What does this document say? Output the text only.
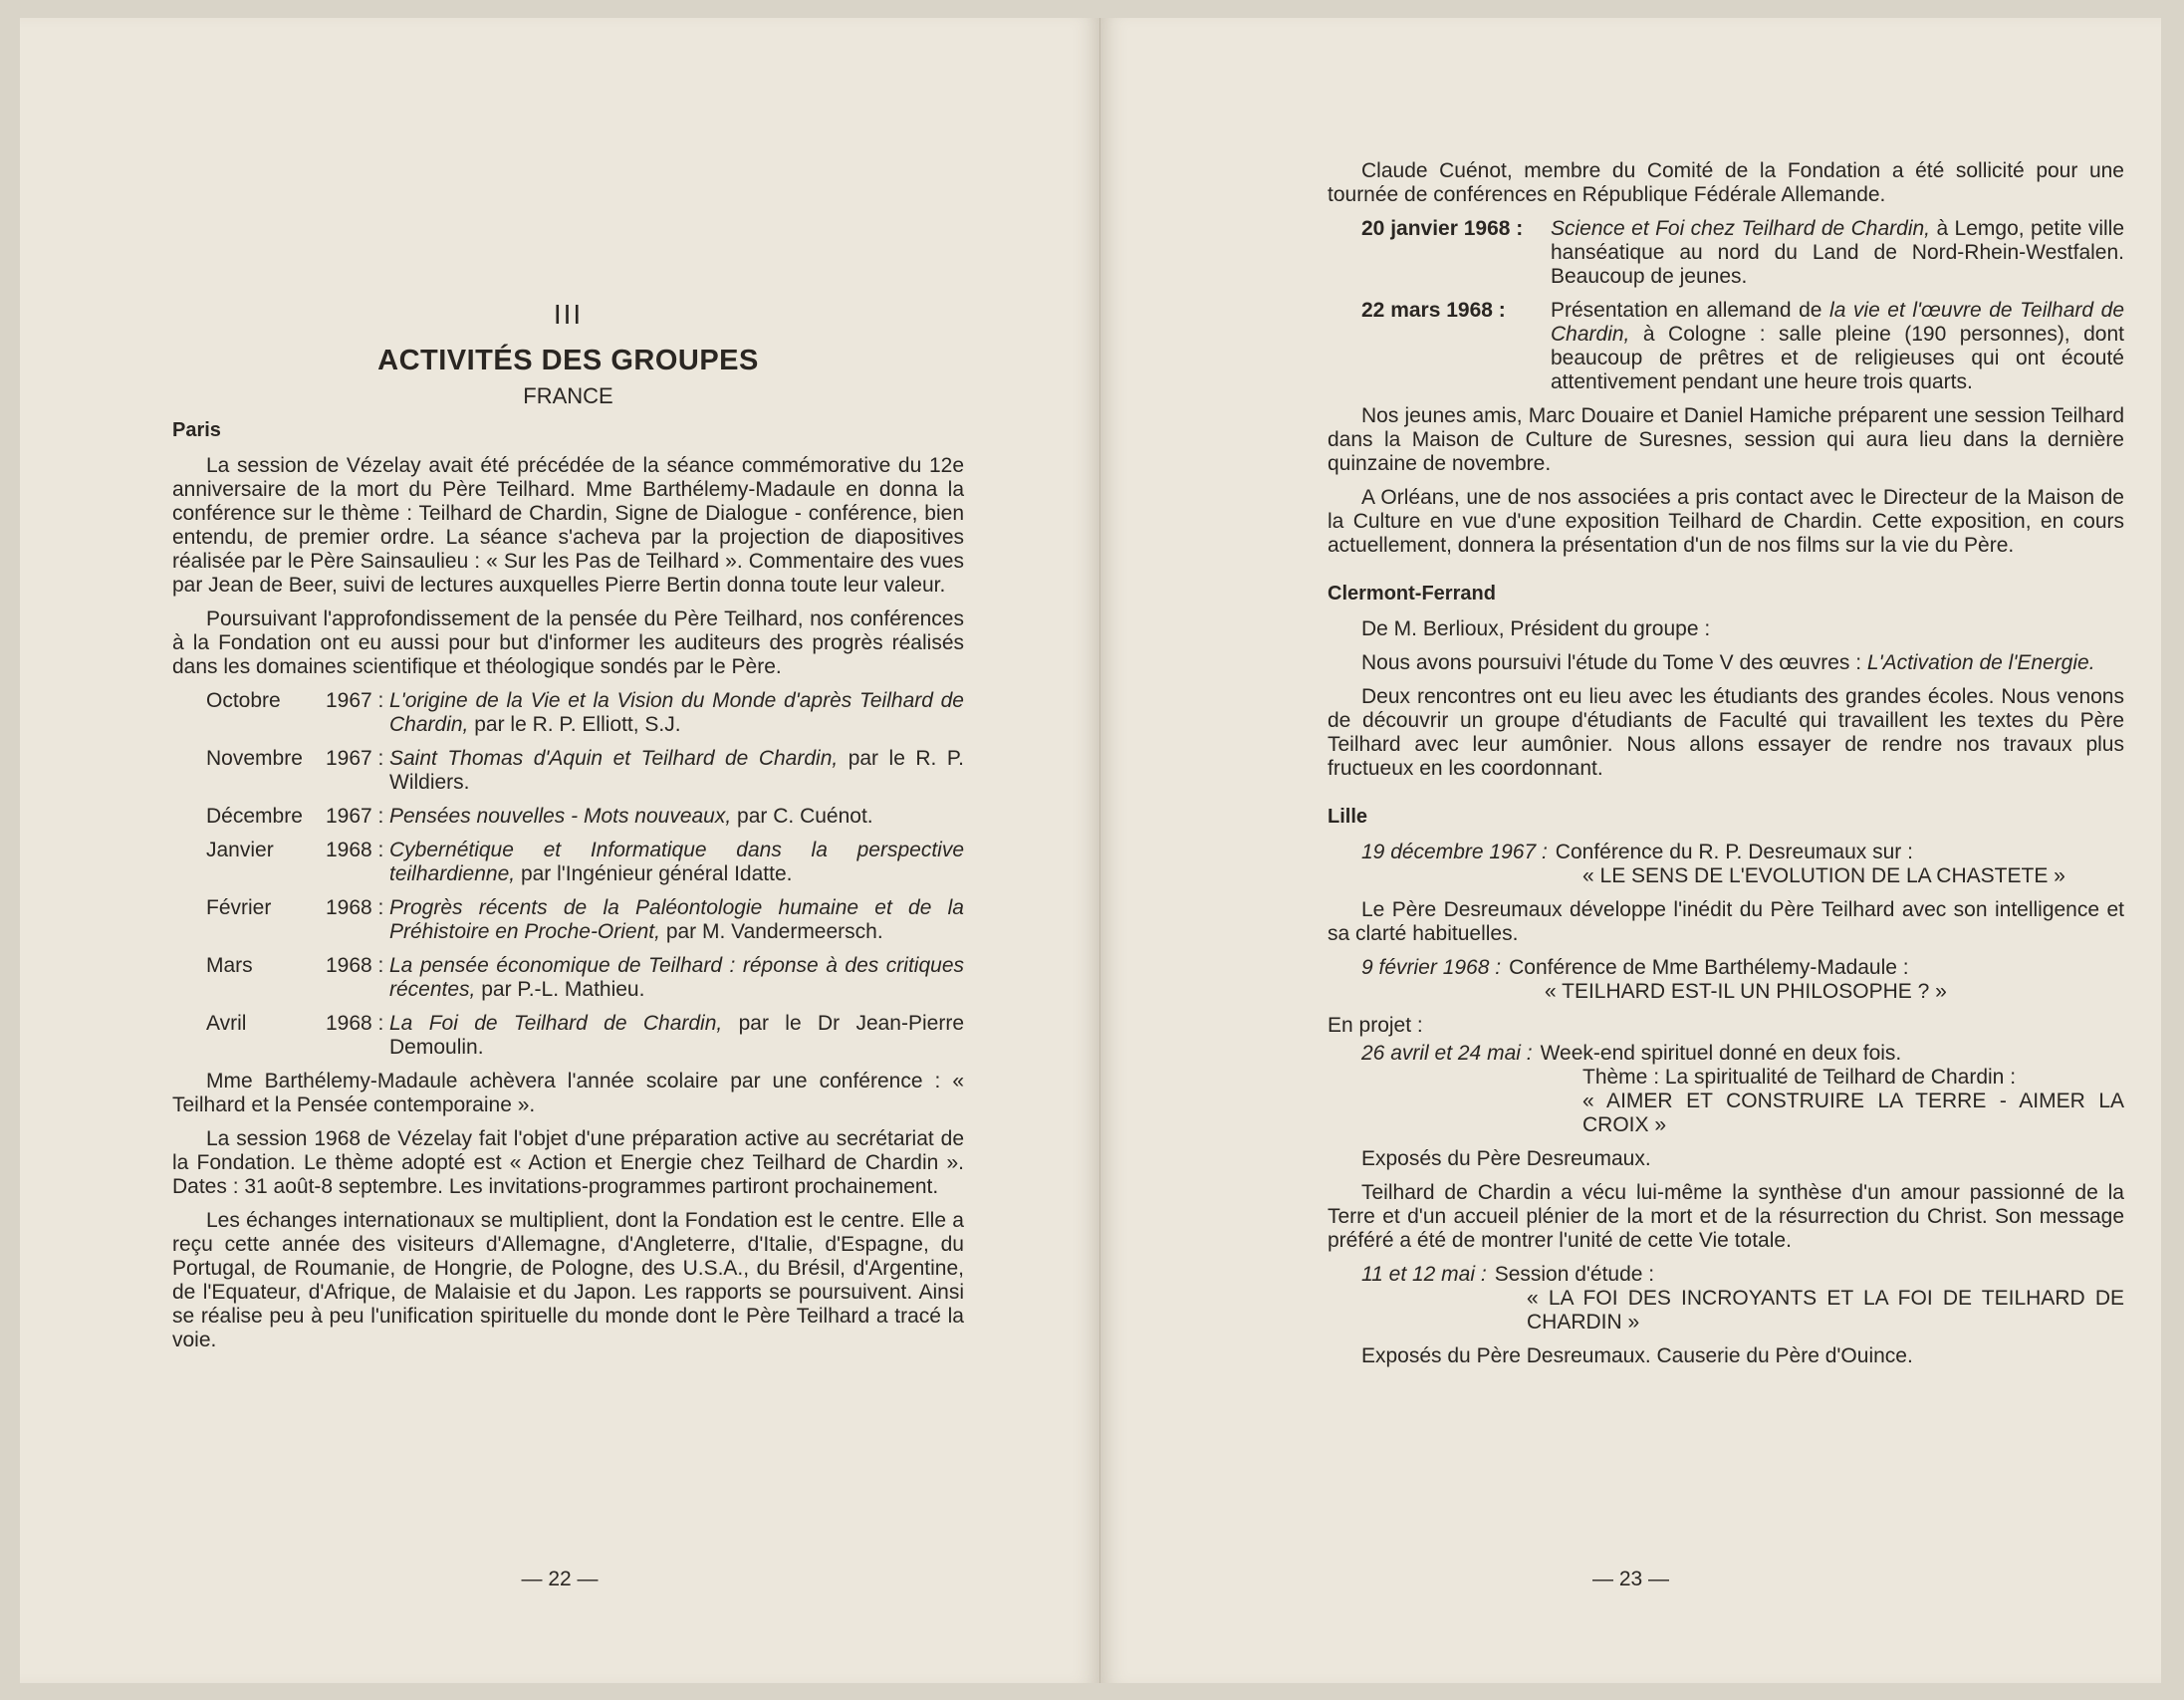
III
ACTIVITÉS DES GROUPES
FRANCE
Paris

La session de Vézelay avait été précédée de la séance commémorative du 12e anniversaire de la mort du Père Teilhard. Mme Barthélemy-Madaule en donna la conférence sur le thème : Teilhard de Chardin, Signe de Dialogue - conférence, bien entendu, de premier ordre. La séance s'acheva par la projection de diapositives réalisée par le Père Sainsaulieu : « Sur les Pas de Teilhard ». Commentaire des vues par Jean de Beer, suivi de lectures auxquelles Pierre Bertin donna toute leur valeur.

Poursuivant l'approfondissement de la pensée du Père Teilhard, nos conférences à la Fondation ont eu aussi pour but d'informer les auditeurs des progrès réalisés dans les domaines scientifique et théologique sondés par le Père.

Octobre	1967 : L'origine de la Vie et la Vision du Monde d'après Teilhard de Chardin, par le R. P. Elliott, S.J.
Novembre	1967 : Saint Thomas d'Aquin et Teilhard de Chardin, par le R. P. Wildiers.
Décembre	1967 : Pensées nouvelles - Mots nouveaux, par C. Cuénot.
Janvier	1968 : Cybernétique et Informatique dans la perspective teilhardienne, par l'Ingénieur général Idatte.
Février	1968 : Progrès récents de la Paléontologie humaine et de la Préhistoire en Proche-Orient, par M. Vandermeersch.
Mars	1968 : La pensée économique de Teilhard : réponse à des critiques récentes, par P.-L. Mathieu.
Avril	1968 : La Foi de Teilhard de Chardin, par le Dr Jean-Pierre Demoulin.

Mme Barthélemy-Madaule achèvera l'année scolaire par une conférence : « Teilhard et la Pensée contemporaine ».

La session 1968 de Vézelay fait l'objet d'une préparation active au secrétariat de la Fondation. Le thème adopté est « Action et Energie chez Teilhard de Chardin ». Dates : 31 août-8 septembre. Les invitations-programmes partiront prochainement.

Les échanges internationaux se multiplient, dont la Fondation est le centre. Elle a reçu cette année des visiteurs d'Allemagne, d'Angleterre, d'Italie, d'Espagne, du Portugal, de Roumanie, de Hongrie, de Pologne, des U.S.A., du Brésil, d'Argentine, de l'Equateur, d'Afrique, de Malaisie et du Japon. Les rapports se poursuivent. Ainsi se réalise peu à peu l'unification spirituelle du monde dont le Père Teilhard a tracé la voie.

— 22 —

Claude Cuénot, membre du Comité de la Fondation a été sollicité pour une tournée de conférences en République Fédérale Allemande.

20 janvier 1968 :	Science et Foi chez Teilhard de Chardin, à Lemgo, petite ville hanséatique au nord du Land de Nord-Rhein-Westfalen. Beaucoup de jeunes.
22 mars 1968 :	Présentation en allemand de la vie et l'œuvre de Teilhard de Chardin, à Cologne : salle pleine (190 personnes), dont beaucoup de prêtres et de religieuses qui ont écouté attentivement pendant une heure trois quarts.

Nos jeunes amis, Marc Douaire et Daniel Hamiche préparent une session Teilhard dans la Maison de Culture de Suresnes, session qui aura lieu dans la dernière quinzaine de novembre.

A Orléans, une de nos associées a pris contact avec le Directeur de la Maison de la Culture en vue d'une exposition Teilhard de Chardin. Cette exposition, en cours actuellement, donnera la présentation d'un de nos films sur la vie du Père.

Clermont-Ferrand

De M. Berlioux, Président du groupe :

Nous avons poursuivi l'étude du Tome V des œuvres : L'Activation de l'Energie.

Deux rencontres ont eu lieu avec les étudiants des grandes écoles. Nous venons de découvrir un groupe d'étudiants de Faculté qui travaillent les textes du Père Teilhard avec leur aumônier. Nous allons essayer de rendre nos travaux plus fructueux en les coordonnant.

Lille
19 décembre 1967 : Conférence du R. P. Desreumaux sur :
« LE SENS DE L'EVOLUTION DE LA CHASTETE »

Le Père Desreumaux développe l'inédit du Père Teilhard avec son intelligence et sa clarté habituelles.

9 février 1968 : Conférence de Mme Barthélemy-Madaule :
« TEILHARD EST-IL UN PHILOSOPHE ? »

En projet :

26 avril et 24 mai : Week-end spirituel donné en deux fois.
Thème : La spiritualité de Teilhard de Chardin :
« AIMER ET CONSTRUIRE LA TERRE - AIMER LA CROIX »

Exposés du Père Desreumaux.

Teilhard de Chardin a vécu lui-même la synthèse d'un amour passionné de la Terre et d'un accueil plénier de la mort et de la résurrection du Christ. Son message préféré a été de montrer l'unité de cette Vie totale.

11 et 12 mai : Session d'étude :
« LA FOI DES INCROYANTS ET LA FOI DE TEILHARD DE CHARDIN »

Exposés du Père Desreumaux. Causerie du Père d'Ouince.

— 23 —
